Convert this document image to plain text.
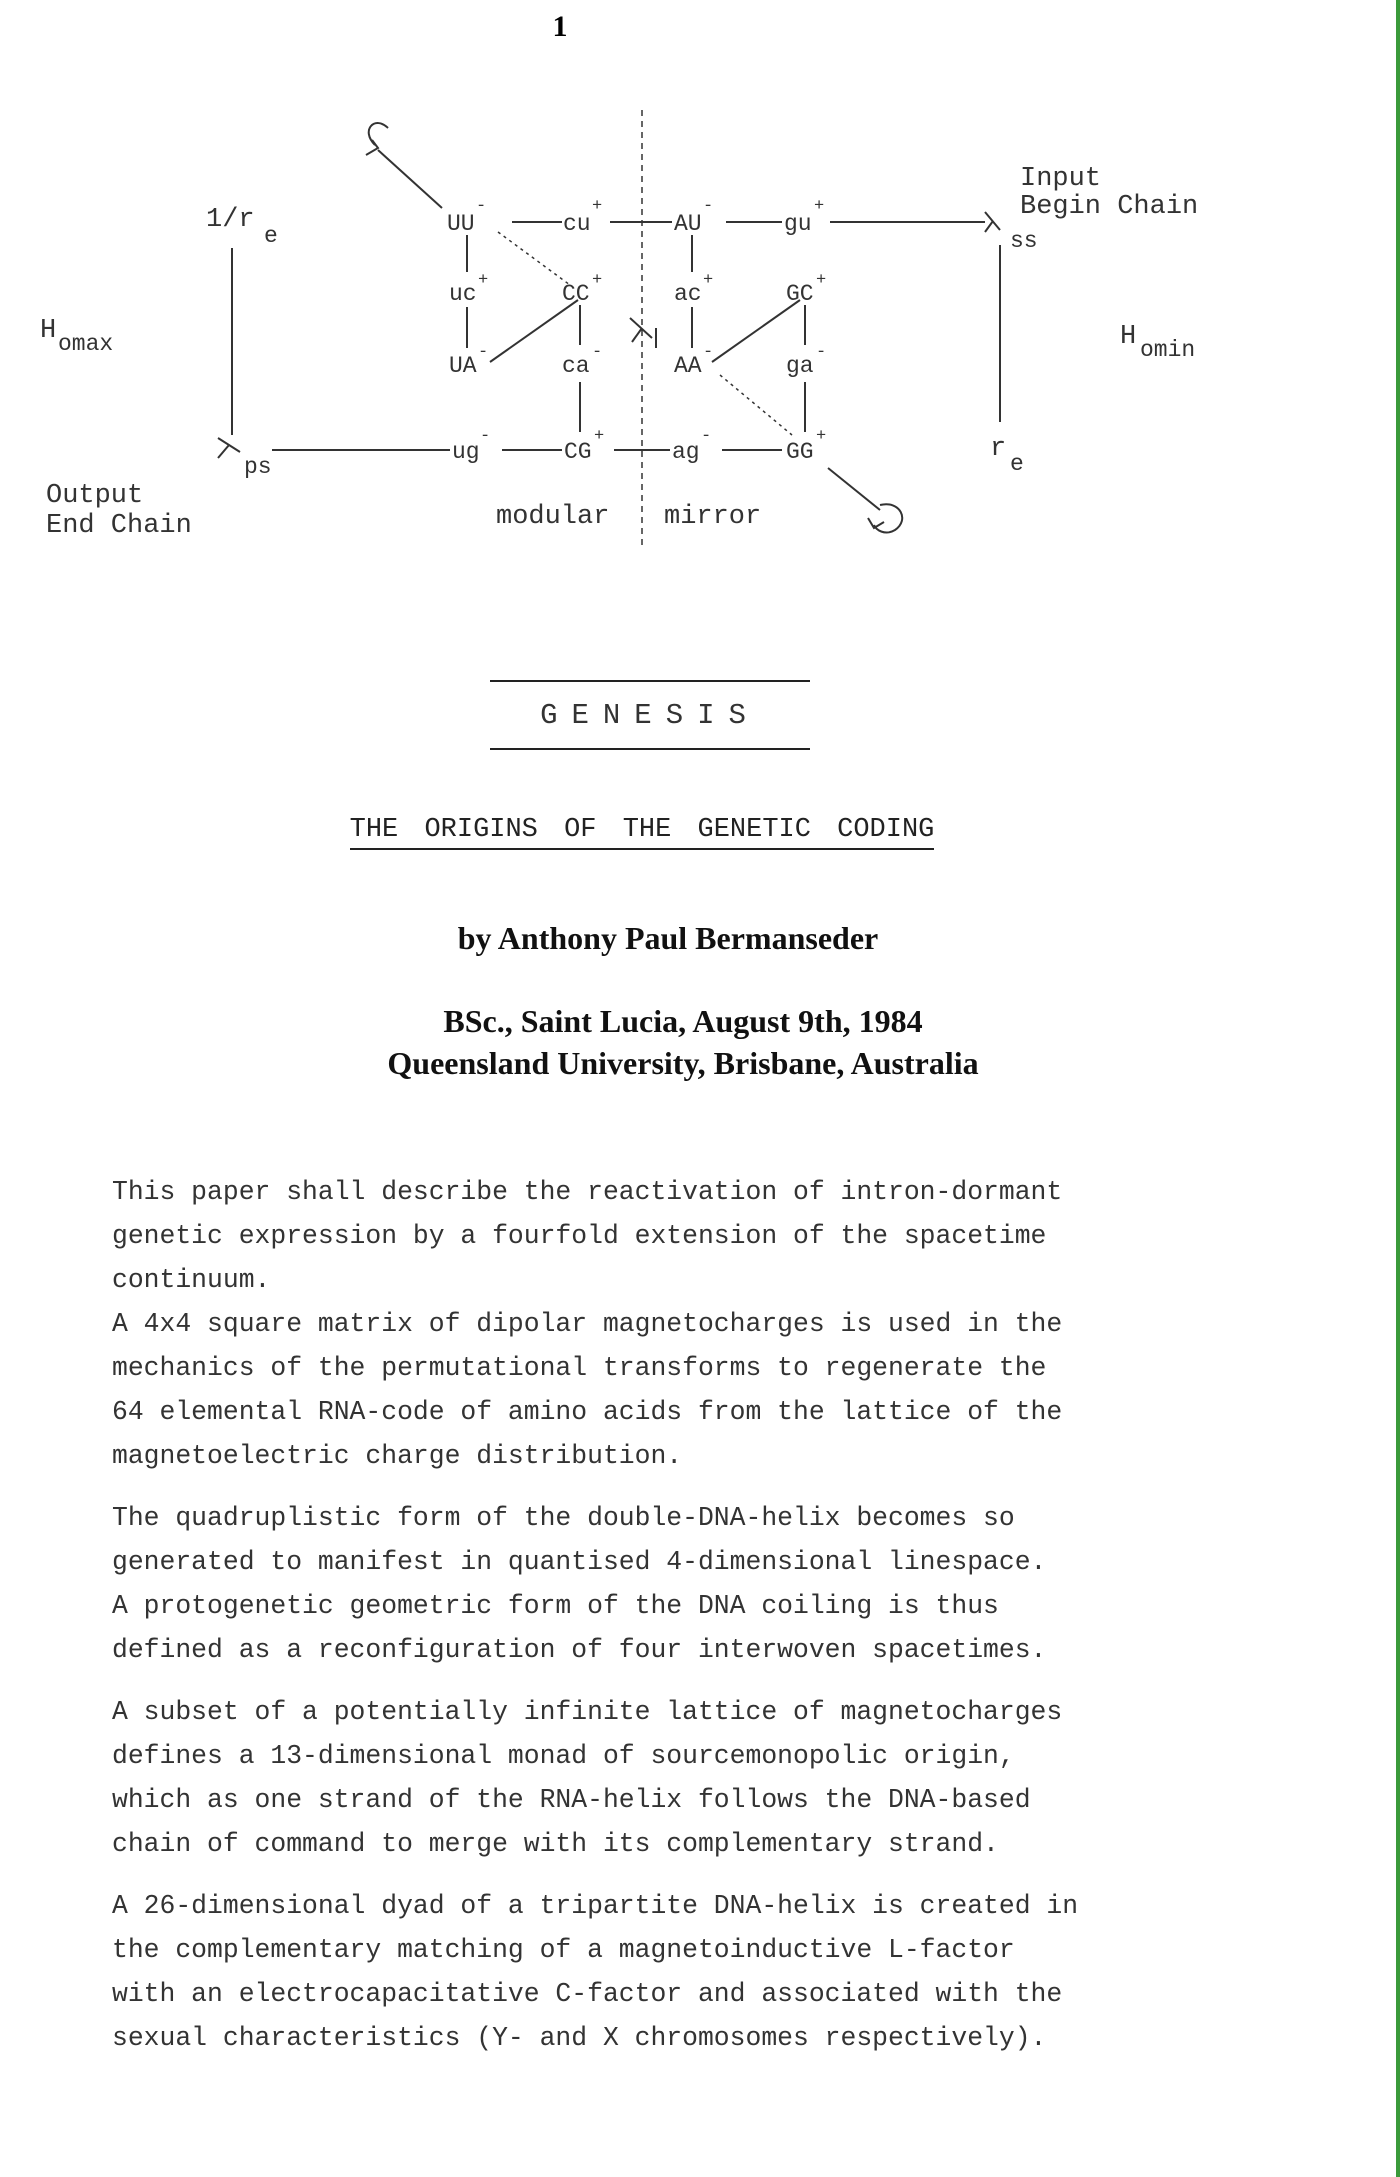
1
1/r
e
Input
Begin Chain
ss
H omax	H omin
r e
ps
Output
End Chain	modular mirror
UU
-
cu
+
AU
-
gu
+
uc
+
CC
+
ac
+
GC
+
UA
-
ca
-
AA
-
ga
-
ug
-
CG
+
ag
-
GG
+
GENESIS
THE ORIGINS OF THE GENETIC CODING
by Anthony Paul Bermanseder
BSc., Saint Lucia, August 9th, 1984
Queensland University, Brisbane, Australia

This paper shall describe the reactivation of intron-dormant
genetic expression by a fourfold extension of the spacetime
continuum.
A 4x4 square matrix of dipolar magnetocharges is used in the
mechanics of the permutational transforms to regenerate the
64 elemental RNA-code of amino acids from the lattice of the
magnetoelectric charge distribution.

The quadruplistic form of the double-DNA-helix becomes so
generated to manifest in quantised 4-dimensional linespace.
A protogenetic geometric form of the DNA coiling is thus
defined as a reconfiguration of four interwoven spacetimes.

A subset of a potentially infinite lattice of magnetocharges
defines a 13-dimensional monad of sourcemonopolic origin,
which as one strand of the RNA-helix follows the DNA-based
chain of command to merge with its complementary strand.

A 26-dimensional dyad of a tripartite DNA-helix is created in
the complementary matching of a magnetoinductive L-factor
with an electrocapacitative C-factor and associated with the
sexual characteristics (Y- and X chromosomes respectively).
